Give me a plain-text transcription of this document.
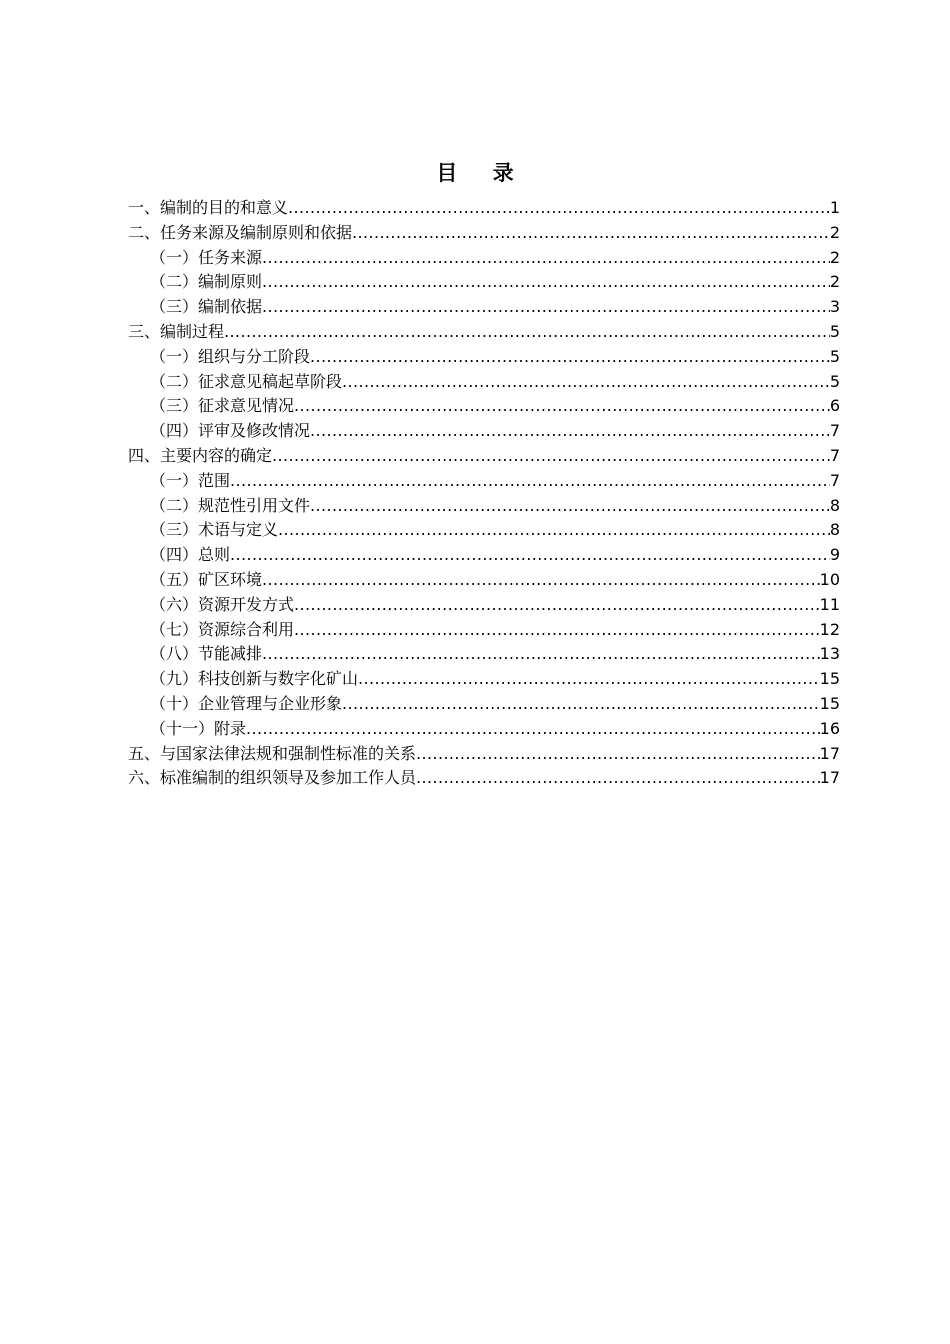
目 录
一、编制的目的和意义 .....	1
二、任务来源及编制原则和依据 .....	2
（一）任务来源 .....	2
（二）编制原则 .....	2
（三）编制依据 .....	3
三、编制过程 .....	5
（一）组织与分工阶段 .....	5
（二）征求意见稿起草阶段 .....	5
（三）征求意见情况 .....	6
（四）评审及修改情况 .....	7
四、主要内容的确定 .....	7
（一）范围 .....	7
（二）规范性引用文件 .....	8
（三）术语与定义 .....	8
（四）总则 .....	9
（五）矿区环境 .....	10
（六）资源开发方式 .....	11
（七）资源综合利用 .....	12
（八）节能减排 .....	13
（九）科技创新与数字化矿山 .....	15
（十）企业管理与企业形象 .....	15
（十一）附录 .....	16
五、与国家法律法规和强制性标准的关系 .....	17
六、标准编制的组织领导及参加工作人员 .....	17
